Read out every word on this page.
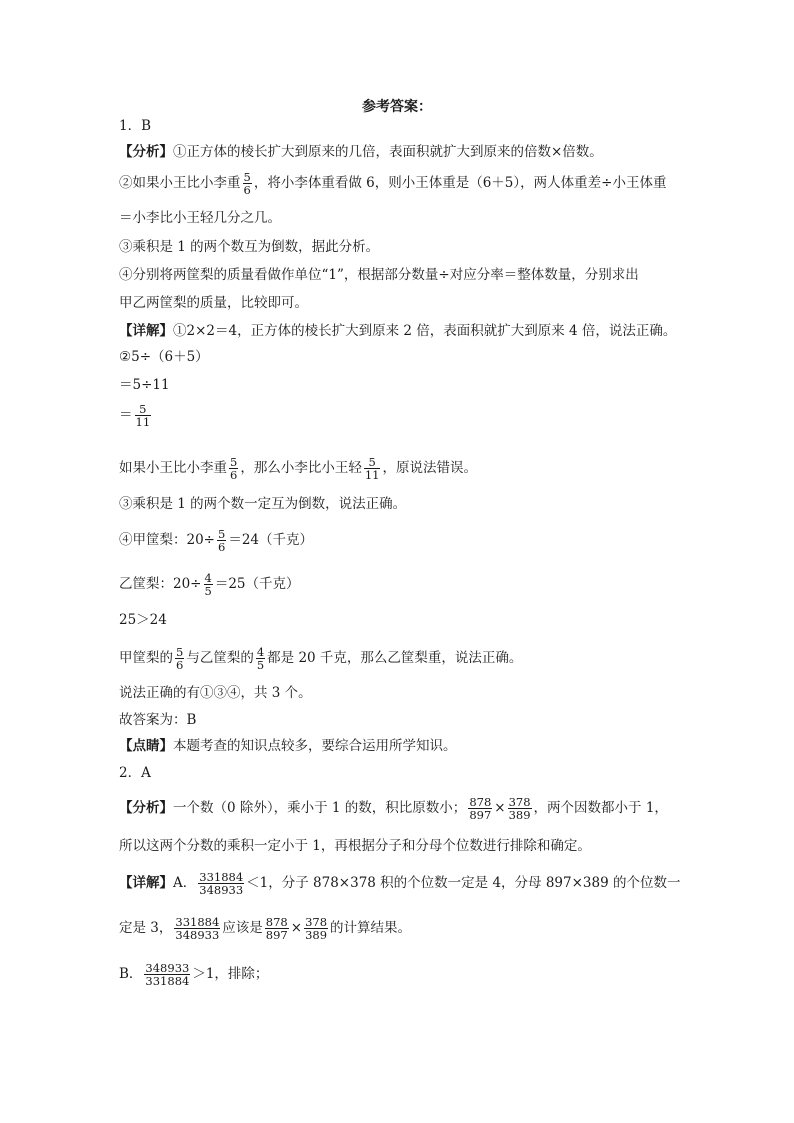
参考答案：
1．B
【分析】①正方体的棱长扩大到原来的几倍，表面积就扩大到原来的倍数×倍数。
②如果小王比小李重 $\frac{5}{6}$ ，将小李体重看做 6，则小王体重是（6＋5），两人体重差÷小王体重
＝小李比小王轻几分之几。
③乘积是 1 的两个数互为倒数，据此分析。
④分别将两筐梨的质量看做作单位“1”，根据部分数量÷对应分率＝整体数量，分别求出
甲乙两筐梨的质量，比较即可。
【详解】①2×2＝4，正方体的棱长扩大到原来 2 倍，表面积就扩大到原来 4 倍，说法正确。
②5÷（6＋5）
＝5÷11
＝ $\frac{5}{11}$
如果小王比小李重 $\frac{5}{6}$ ，那么小李比小王轻 $\frac{5}{11}$ ，原说法错误。
③乘积是 1 的两个数一定互为倒数，说法正确。
④甲筐梨：$20\div \frac{5}{6} =24$（千克）
乙筐梨：$20\div \frac{4}{5} =25$（千克）
25＞24
甲筐梨的 $\frac{5}{6}$ 与乙筐梨的 $\frac{4}{5}$ 都是 20 千克，那么乙筐梨重，说法正确。
说法正确的有①③④，共 3 个。
故答案为：B
【点睛】本题考查的知识点较多，要综合运用所学知识。
2．A
【分析】一个数（0 除外），乘小于 1 的数，积比原数小； $\frac{878}{897} \times \frac{378}{389}$ ，两个因数都小于 1，
所以这两个分数的乘积一定小于 1，再根据分子和分母个位数进行排除和确定。
【详解】A． $\frac{331884}{348933} <1$，分子 878×378 积的个位数一定是 4，分母 897×389 的个位数一
定是 3， $\frac{331884}{348933}$ 应该是 $\frac{878}{897} \times \frac{378}{389}$ 的计算结果。
B． $\frac{348933}{331884} >1$，排除；
